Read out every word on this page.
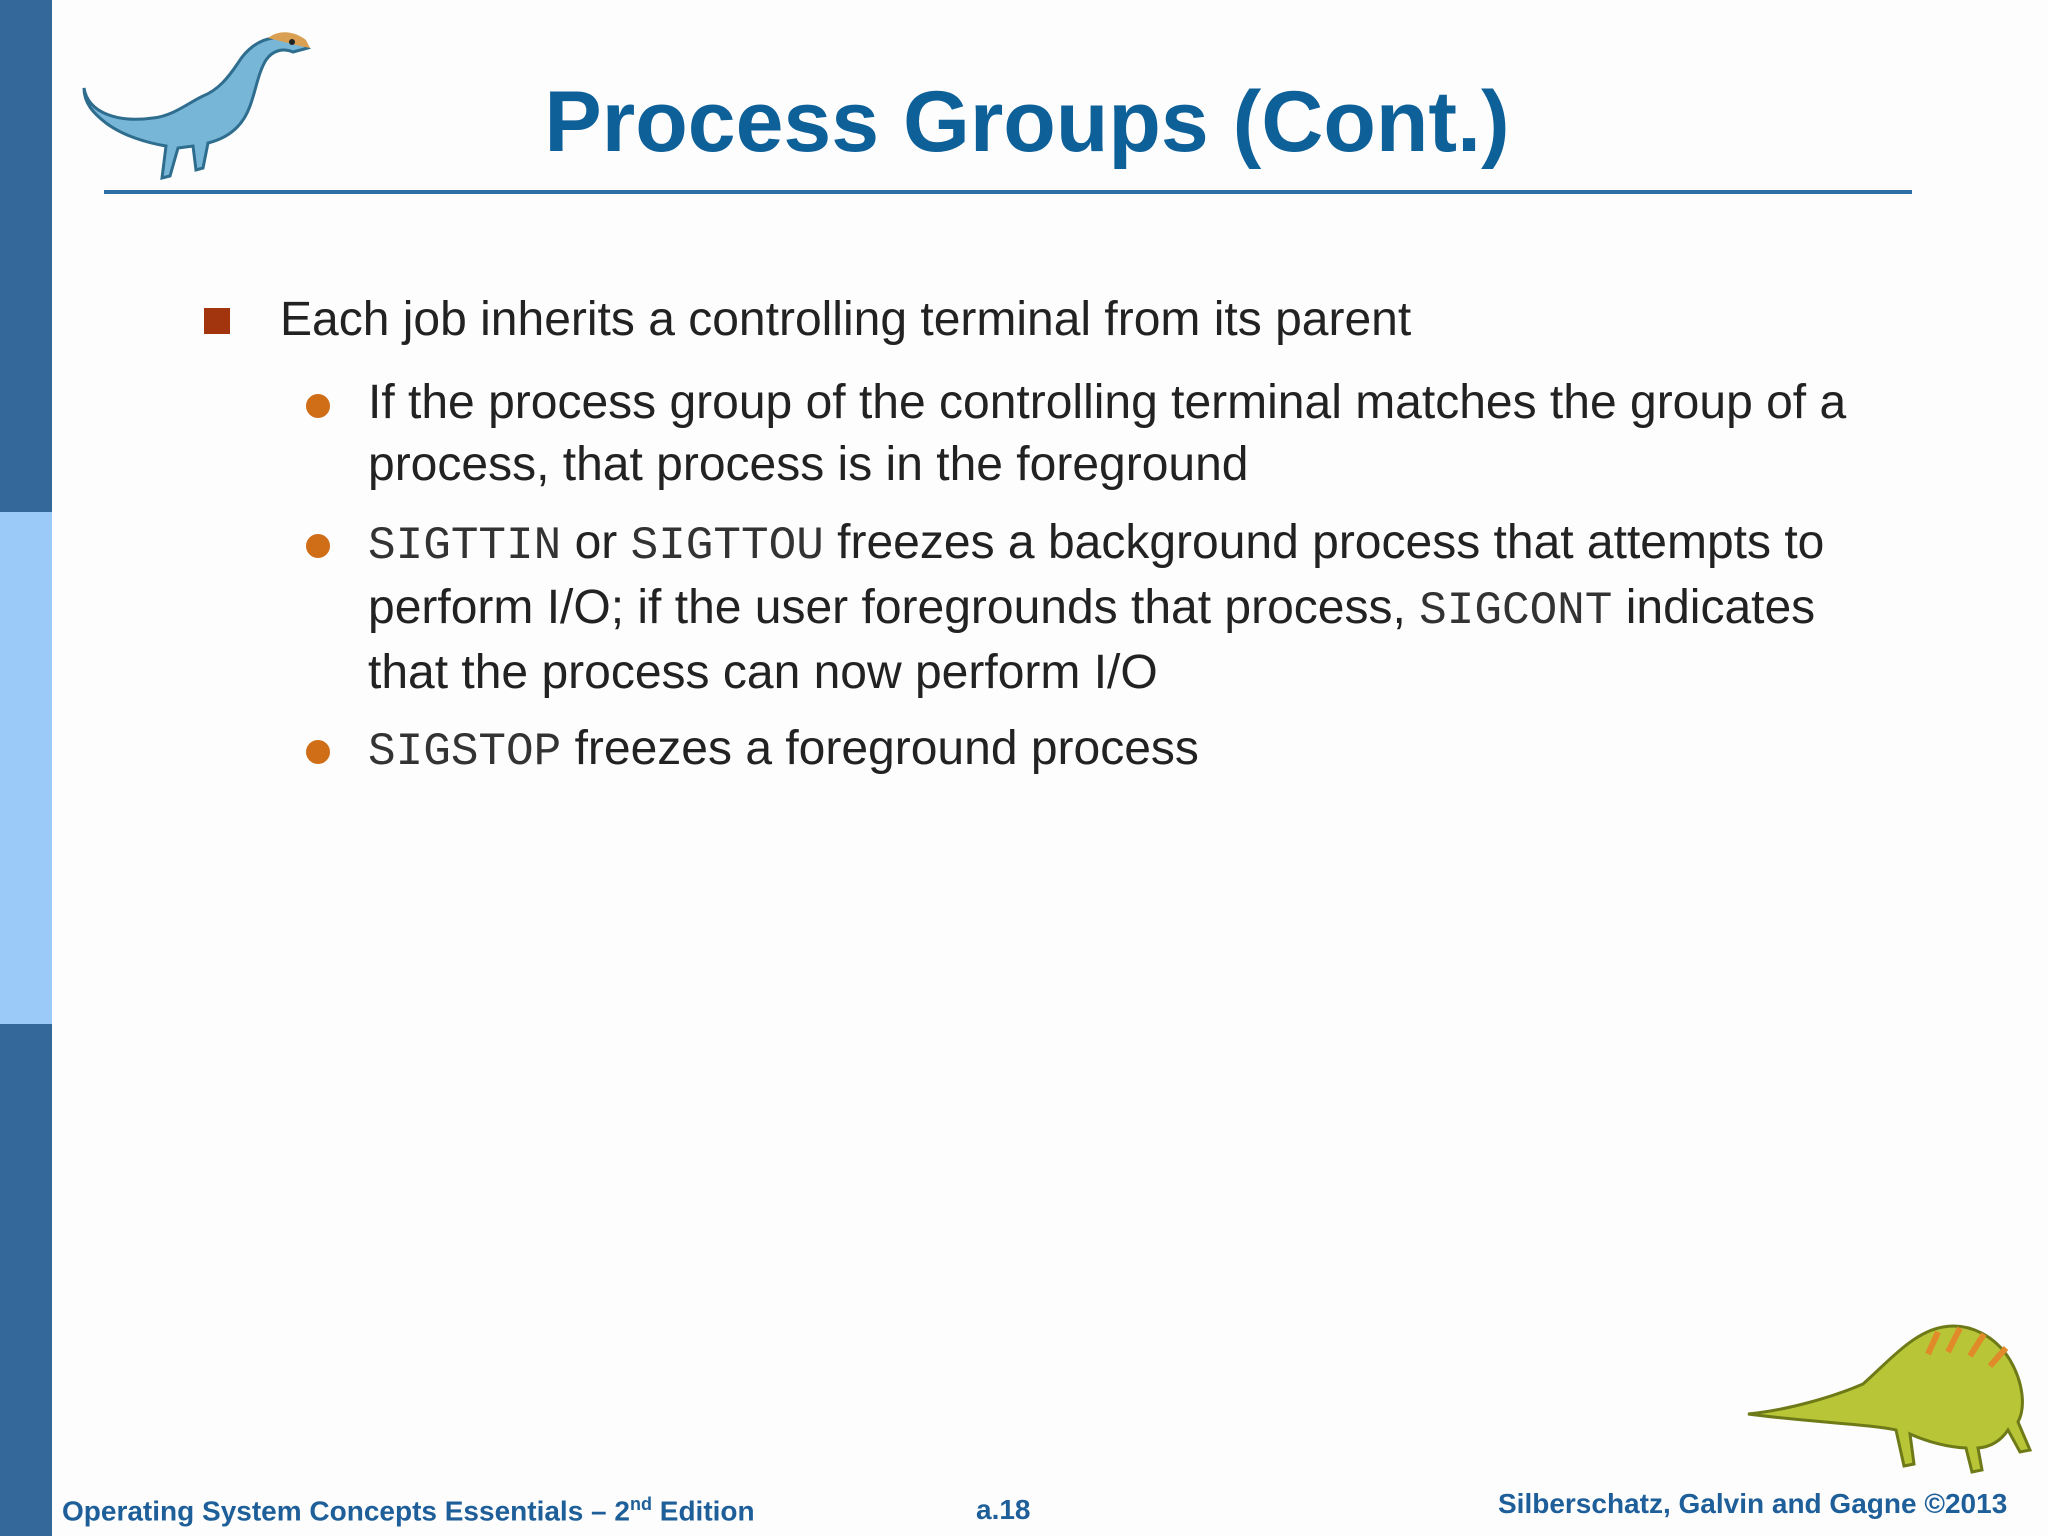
Process Groups (Cont.)
Each job inherits a controlling terminal from its parent
If the process group of the controlling terminal matches the group of a process, that process is in the foreground
SIGTTIN or SIGTTOU freezes a background process that attempts to perform I/O; if the user foregrounds that process, SIGCONT indicates that the process can now perform I/O
SIGSTOP freezes a foreground process
Operating System Concepts Essentials – 2nd Edition	a.18	Silberschatz, Galvin and Gagne ©2013
